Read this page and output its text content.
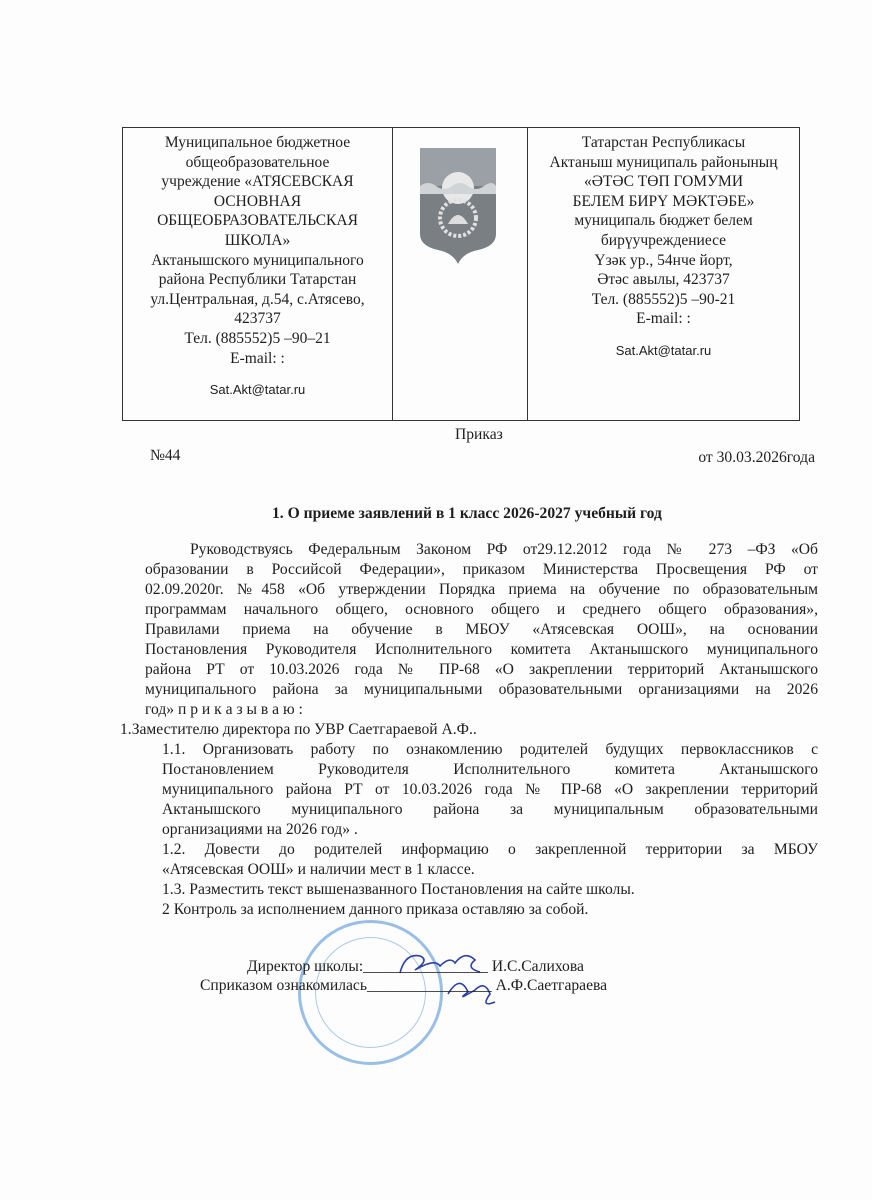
Муниципальное бюджетное
общеобразовательное
учреждение «АТЯСЕВСКАЯ
ОСНОВНАЯ
ОБЩЕОБРАЗОВАТЕЛЬСКАЯ
ШКОЛА»
Актанышского муниципального
района Республики Татарстан
ул.Центральная, д.54, с.Атясево,
423737
Тел. (885552)5 –90–21
E-mail: :
Sat.Akt@tatar.ru
Татарстан Республикасы
Актаныш муниципаль районының
«ӘТӘС ТӨП ГОМУМИ
БЕЛЕМ БИРҮ МӘКТӘБЕ»
муниципаль бюджет белем
бирүучреждениесе
Үзәк ур., 54нче йорт,
Әтәс авылы, 423737
Тел. (885552)5 –90-21
E-mail: :
Sat.Akt@tatar.ru
Приказ
№44	от 30.03.2026года
1. О приеме заявлений в 1 класс 2026-2027 учебный год
Руководствуясь Федеральным Законом РФ от29.12.2012 года № 273 –ФЗ «Об
образовании в Российсой Федерации», приказом Министерства Просвещения РФ от
02.09.2020г. №458 «Об утверждении Порядка приема на обучение по образовательным
программам начального общего, основного общего и среднего общего образования»,
Правилами приема на обучение в МБОУ «Атясевская ООШ», на основании
Постановления Руководителя Исполнительного комитета Актанышского муниципального
района РТ от 10.03.2026 года № ПР-68 «О закреплении территорий Актанышского
муниципального района за муниципальными образовательными организациями на 2026
год» п р и к а з ы в а ю :
1.Заместителю директора по УВР Саетгараевой А.Ф..
1.1. Организовать работу по ознакомлению родителей будущих первоклассников с
Постановлением Руководителя Исполнительного комитета Актанышского
муниципального района РТ от 10.03.2026 года № ПР-68 «О закреплении территорий
Актанышского муниципального района за муниципальным образовательными
организациями на 2026 год» .
1.2. Довести до родителей информацию о закрепленной территории за МБОУ
«Атясевская ООШ» и наличии мест в 1 классе.
1.3. Разместить текст вышеназванного Постановления на сайте школы.
2 Контроль за исполнением данного приказа оставляю за собой.
Директор школы:________________ И.С.Салихова
Сприказом ознакомилась________________ А.Ф.Саетгараева
